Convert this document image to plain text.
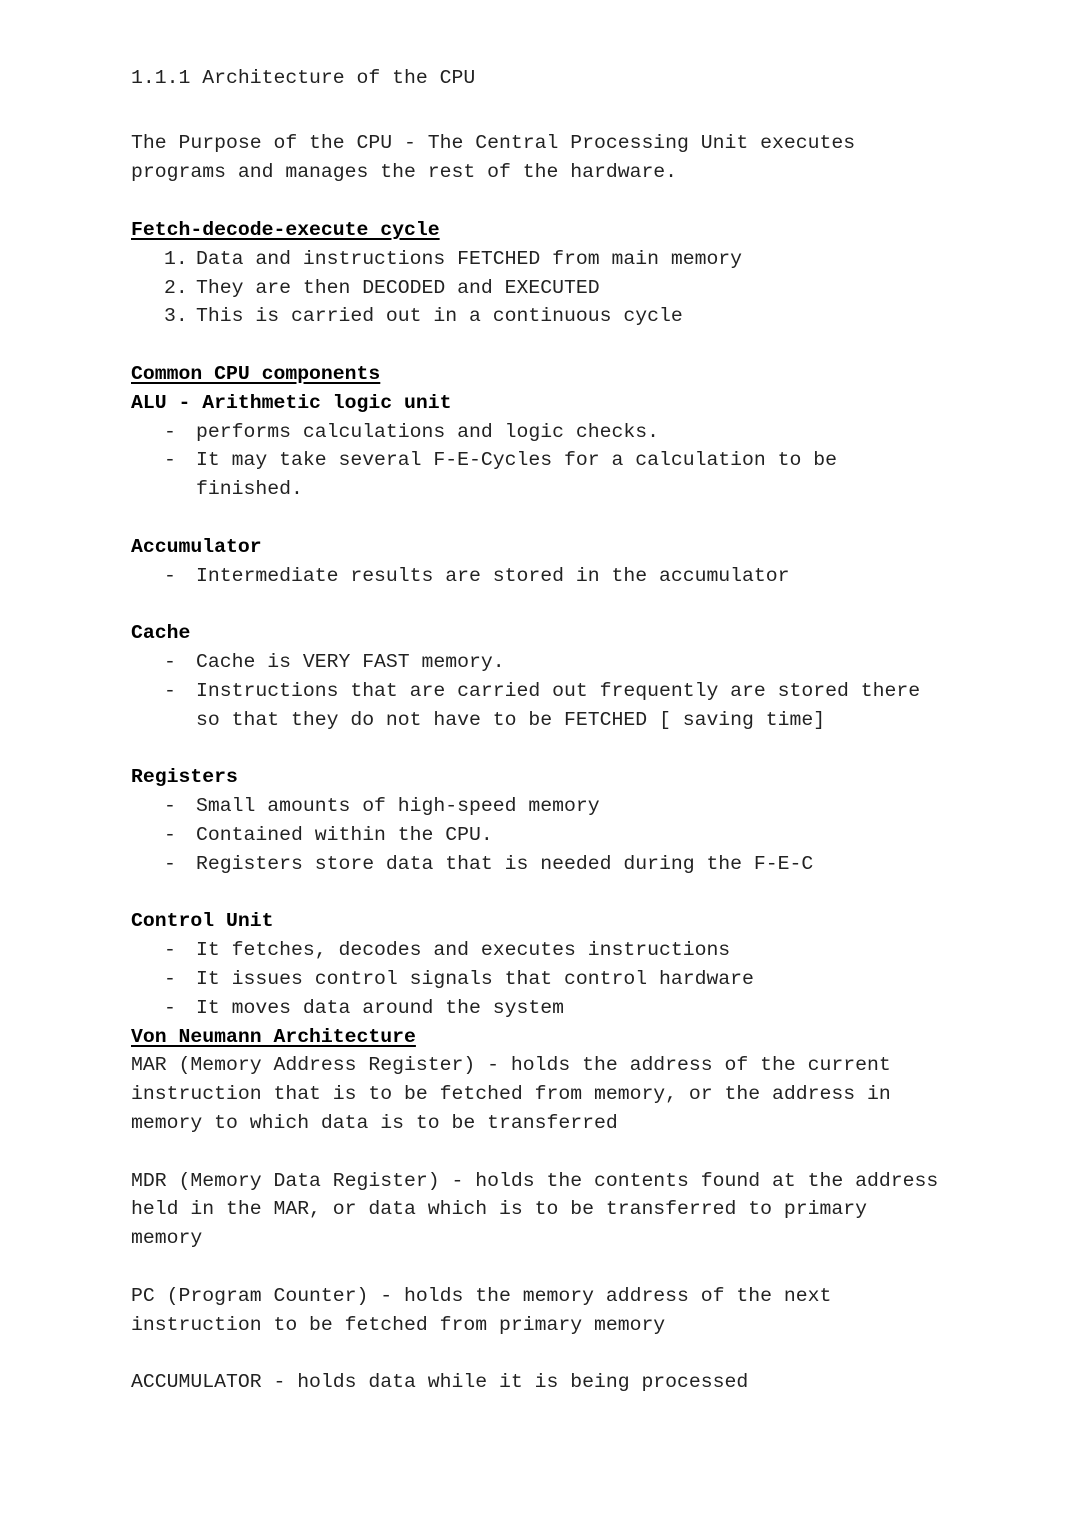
1.1.1 Architecture of the CPU
The Purpose of the CPU - The Central Processing Unit executes
programs and manages the rest of the hardware.
Fetch-decode-execute cycle
1. Data and instructions FETCHED from main memory
2. They are then DECODED and EXECUTED
3. This is carried out in a continuous cycle
Common CPU components
ALU - Arithmetic logic unit
- performs calculations and logic checks.
- It may take several F-E-Cycles for a calculation to be
finished.
Accumulator
- Intermediate results are stored in the accumulator
Cache
- Cache is VERY FAST memory.
- Instructions that are carried out frequently are stored there
so that they do not have to be FETCHED [ saving time]
Registers
- Small amounts of high-speed memory
- Contained within the CPU.
- Registers store data that is needed during the F-E-C
Control Unit
- It fetches, decodes and executes instructions
- It issues control signals that control hardware
- It moves data around the system
Von Neumann Architecture
MAR (Memory Address Register) - holds the address of the current
instruction that is to be fetched from memory, or the address in
memory to which data is to be transferred
MDR (Memory Data Register) - holds the contents found at the address
held in the MAR, or data which is to be transferred to primary
memory
PC (Program Counter) - holds the memory address of the next
instruction to be fetched from primary memory
ACCUMULATOR - holds data while it is being processed
